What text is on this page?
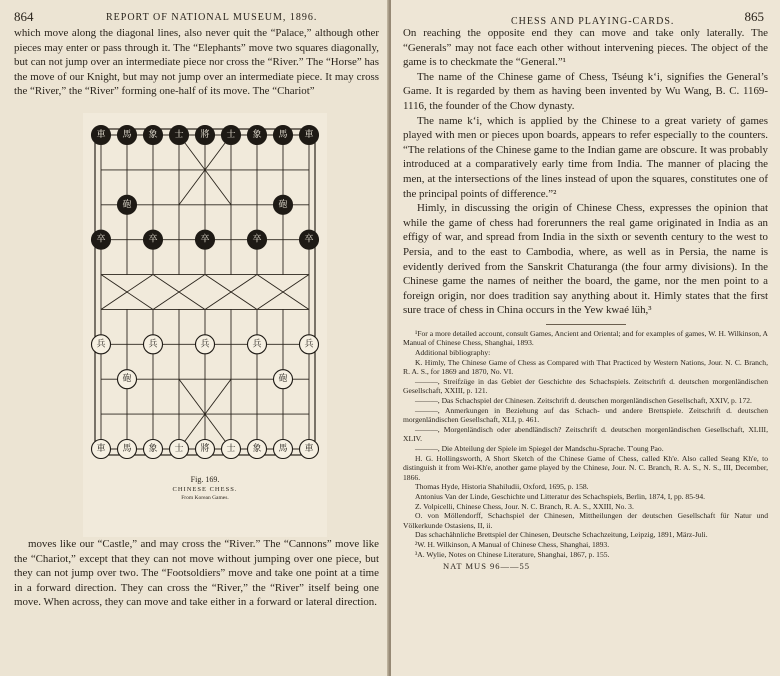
864	REPORT OF NATIONAL MUSEUM, 1896.

which move along the diagonal lines, also never quit the “Palace,” although other pieces may enter or pass through it. The “Elephants” move two squares diagonally, but can not jump over an intermediate piece nor cross the “River.” The “Horse” has the move of our Knight, but may not jump over an intermediate piece. It may cross the “River,” the “River” forming one-half of its move. The “Chariot”

車 馬 象 士 將 士 象 馬 車
砲	砲
卒	卒	卒	卒	卒
兵	兵	兵	兵	兵
砲	砲
車 馬 象 士 將 士 象 馬 車
Fig. 169.
CHINESE CHESS.
From Korean Games.

moves like our “Castle,” and may cross the “River.” The “Cannons” move like the “Chariot,” except that they can not move without jumping over one piece, but they can not jump over two. The “Footsoldiers” move and take one point at a time in a forward direction. They can cross the “River,” the “River” itself being one move. When across, they can move and take either in a forward or lateral direction.

CHESS AND PLAYING-CARDS.	865

On reaching the opposite end they can move and take only laterally. The “Generals” may not face each other without intervening pieces. The object of the game is to checkmate the “General.”¹

The name of the Chinese game of Chess, Tséung k‘i, signifies the General’s Game. It is regarded by them as having been invented by Wu Wang, B. C. 1169-1116, the founder of the Chow dynasty.

The name k‘i, which is applied by the Chinese to a great variety of games played with men or pieces upon boards, appears to refer especially to the counters. “The relations of the Chinese game to the Indian game are obscure. It was probably introduced at a comparatively early time from India. The manner of placing the men, at the intersections of the lines instead of upon the squares, constitutes one of the principal points of difference.”²

Himly, in discussing the origin of Chinese Chess, expresses the opinion that while the game of chess had forerunners the real game originated in India as an effigy of war, and spread from India in the sixth or seventh century to the west to Persia, and to the east to Cambodia, where, as well as in Persia, the name is evidently derived from the Sanskrit Chaturanga (the four army divisions). In the Chinese game the names of neither the board, the game, nor the men point to a foreign origin, nor does tradition say anything about it. Himly states that the first sure trace of chess in China occurs in the Yew kwaé lüh,³

¹For a more detailed account, consult Games, Ancient and Oriental; and for examples of games, W. H. Wilkinson, A Manual of Chinese Chess, Shanghai, 1893.

Additional bibliography:

K. Himly, The Chinese Game of Chess as Compared with That Practiced by Western Nations, Jour. N. C. Branch, R. A. S., for 1869 and 1870, No. VI.

———, Streifzüge in das Gebiet der Geschichte des Schachspiels. Zeitschrift d. deutschen morgenländischen Gesellschaft, XXIII, p. 121.

———, Das Schachspiel der Chinesen. Zeitschrift d. deutschen morgenländischen Gesellschaft, XXIV, p. 172.

———, Anmerkungen in Beziehung auf das Schach- und andere Brettspiele. Zeitschrift d. deutschen morgenländischen Gesellschaft, XLI, p. 461.

———, Morgenländisch oder abendländisch? Zeitschrift d. deutschen morgenländischen Gesellschaft, XLIII, XLIV.

———, Die Abteilung der Spiele im Spiegel der Mandschu-Sprache. T'oung Pao.

H. G. Hollingsworth, A Short Sketch of the Chinese Game of Chess, called Kh'e. Also called Seang Kh'e, to distinguish it from Wei-Kh'e, another game played by the Chinese, Jour. N. C. Branch, R. A. S., N. S., III, December, 1866.

Thomas Hyde, Historia Shahiludii, Oxford, 1695, p. 158.

Antonius Van der Linde, Geschichte und Litteratur des Schachspiels, Berlin, 1874, I, pp. 85-94.

Z. Volpicelli, Chinese Chess, Jour. N. C. Branch, R. A. S., XXIII, No. 3.

O. von Möllendorff, Schachspiel der Chinesen, Mittheilungen der deutschen Gesellschaft für Natur und Völkerkunde Ostasiens, II, ii.

Das schachähnliche Brettspiel der Chinesen, Deutsche Schachzeitung, Leipzig, 1891, März-Juli.

²W. H. Wilkinson, A Manual of Chinese Chess, Shanghai, 1893.

³A. Wylie, Notes on Chinese Literature, Shanghai, 1867, p. 155.

NAT MUS 96——55
